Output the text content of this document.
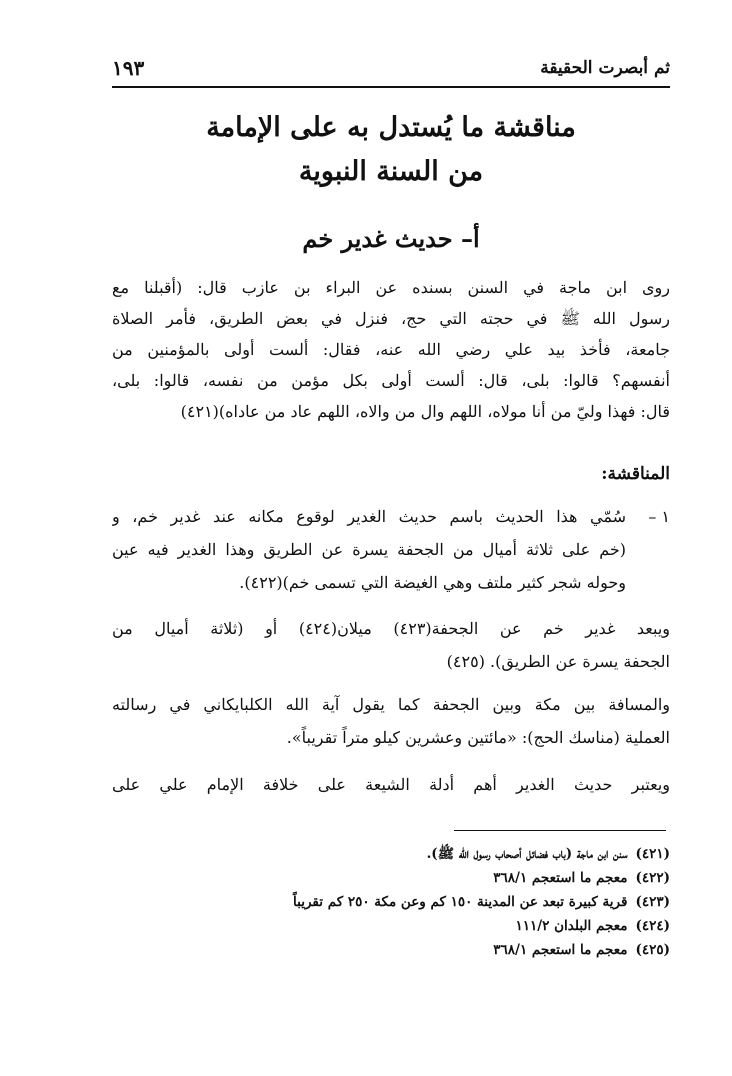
ثم أبصرت الحقيقة
١٩٣
مناقشة ما يُستدل به على الإمامة
من السنة النبوية
أ– حديث غدير خم
روى ابن ماجة في السنن بسنده عن البراء بن عازب قال: (أقبلنا مع
رسول الله ﷺ في حجته التي حج، فنزل في بعض الطريق، فأمر الصلاة
جامعة، فأخذ بيد علي رضي الله عنه، فقال: ألست أولى بالمؤمنين من
أنفسهم؟ قالوا: بلى، قال: ألست أولى بكل مؤمن من نفسه، قالوا: بلى،
قال: فهذا وليّ من أنا مولاه، اللهم وال من والاه، اللهم عاد من عاداه)(٤٢١)
المناقشة:
١ –
سُمّي هذا الحديث باسم حديث الغدير لوقوع مكانه عند غدير خم، و
(خم على ثلاثة أميال من الجحفة يسرة عن الطريق وهذا الغدير فيه عين
وحوله شجر كثير ملتف وهي الغيضة التي تسمى خم)(٤٢٢).
ويبعد غدير خم عن الجحفة(٤٢٣) ميلان(٤٢٤) أو (ثلاثة أميال من
الجحفة يسرة عن الطريق). (٤٢٥)
والمسافة بين مكة وبين الجحفة كما يقول آية الله الكلبايكاني في رسالته
العملية (مناسك الحج): «مائتين وعشرين كيلو متراً تقريباً».
ويعتبر حديث الغدير أهم أدلة الشيعة على خلافة الإمام علي على
(٤٢١)سنن ابن ماجة (باب فضائل أصحاب رسول الله ﷺ).
(٤٢٢)معجم ما استعجم ٣٦٨/١
(٤٢٣)قرية كبيرة تبعد عن المدينة ١٥٠ كم وعن مكة ٢٥٠ كم تقريباً
(٤٢٤)معجم البلدان ١١١/٢
(٤٢٥)معجم ما استعجم ٣٦٨/١
